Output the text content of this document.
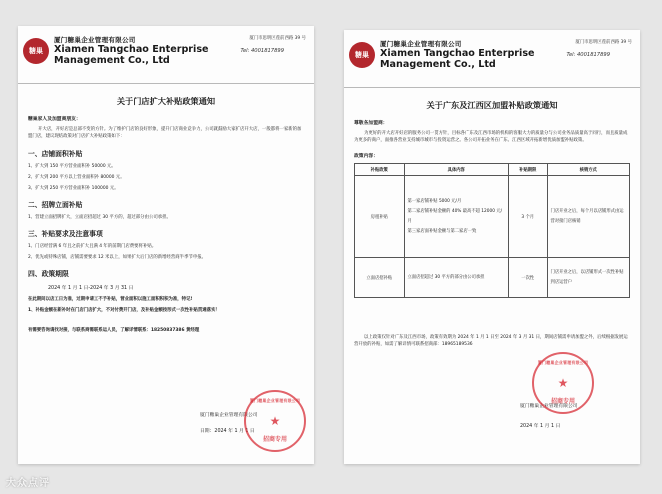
糖巢
厦门糖巢企业管理有限公司
Xiamen Tangchao Enterprise
Management Co., Ltd
厦门市思明区莲前西路 39 号
Tel: 4001817899
关于门店扩大补贴政策通知
糖巢家人及加盟商朋友：
开大店，开好店是总部不变的方针。为了维护门店的良好形象，提升门店商业竞争力，公司就鼓励大家扩店开大店，一般都将一家新的加盟门店，建议现结政策对门店扩大补贴政策如下：
一、店铺面积补贴
1、扩大到 150 平方营业面积补 50000 元。
2、扩大到 200 平方以上营业面积补 80000 元。
3、扩大到 250 平方营业面积补 100000 元。
二、招牌立面补贴
1、营建立面招牌扩大，立面店招超过 30 平方的，超过部分由公司承担。
三、补贴要求及注意事项
1、门店经营满 6 年且之前扩大且满 4 年的前期门店费要将补贴。
2、优先或特殊店铺，店铺需要要求 12 米以上，如果扩大后门店的新增经营商半季节申报。
四、政策期限
2024 年 1 月 1 日-2024 年 3 月 31 日
在此期间以店工日为准，过期申请工不予补贴，营业面积以施工面积积积为准，特记!
1、补贴金额在新补时在门店门店扩大，不对付费开门店，及补贴金额按形式一次性补贴贯通落实！
有需要咨询请找对接，与联系商需联系运人员，了解详情联系：18250837386 黄经理
厦门糖巢企业管理有限公司
日期：2024 年 1 月 1 日
厦门糖巢企业管理有限公司
★
招商专用
糖巢
厦门糖巢企业管理有限公司
Xiamen Tangchao Enterprise
Management Co., Ltd
厦门市思明区莲前西路 39 号
Tel: 4001817899
关于广东及江西区加盟补贴政策通知
尊敬各加盟商：
为更好的开大店开好店的服务公司一贯方针，目标各广东及江西市场的机构的客服大力的质量分与公司业务品质量高于同行，而且质量成为更多的商户，面推各营业支持城市城市与投资运营之。各公司开拓业务在广东、江西区域开拓新增优质加盟补贴政策。
政策内容：
补贴政策	具体内容	补贴期限	核销方式
房租补贴	第一家店铺补贴 5000 元/月
第二家店铺补贴金额的 40% 最高不超 12000 元/月
第三家店面补贴金额与第二家店一致	3 个月	门店开业之后，每个月以店铺形式由运营对接门店核销
立面店招补贴	立面店招超过 30 平方的部分由公司承担	一次性	门店开业之后，以店铺形式一次性补贴到店运营户
以上政策仅针对广东及江西市场，政策有效期为 2024 年 1 月 1 日至 2024 年 3 月 31 日，期间店铺需申请加盟之外，后续根据发展运营开放的补贴，如需了解详情可联系招商部：18965189536
厦门糖巢企业管理有限公司
2024 年 1 月 1 日
厦门糖巢企业管理有限公司
★
招商专用
大众点评
